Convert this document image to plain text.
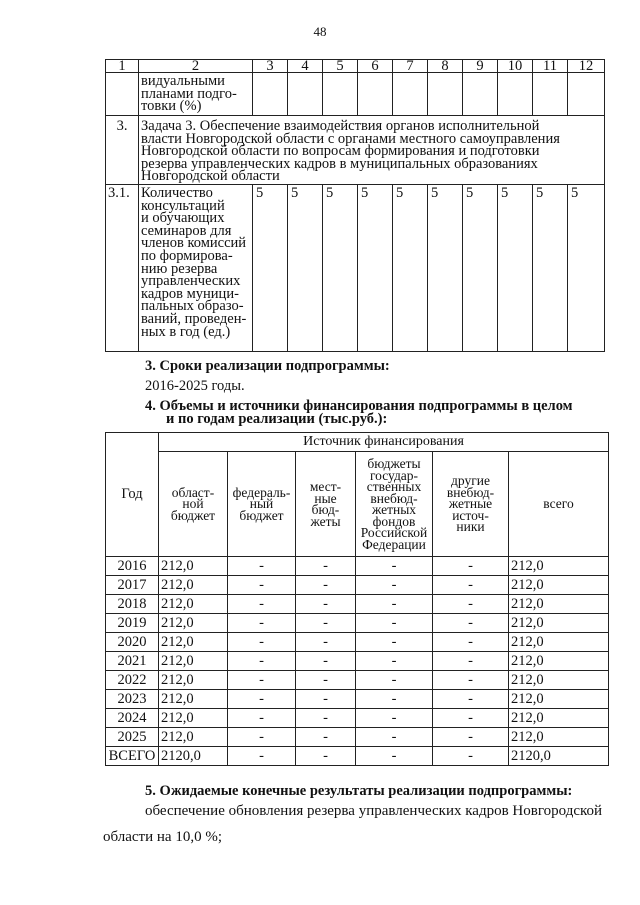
48
1	2	3	4	5	6	7	8	9	10	11	12

	видуальными
планами подго-
товки (%)										

3.	Задача 3. Обеспечение взаимодействия органов исполнительной
власти Новгородской области с органами местного самоуправления
Новгородской области по вопросам формирования и подготовки
резерва управленческих кадров в муниципальных образованиях
Новгородской области										

3.1.	Количество
консультаций
и обучающих
семинаров для
членов комиссий
по формирова-
нию резерва
управленческих
кадров муници-
пальных образо-
ваний, проведен-
ных в год (ед.)
	5	5	5	5	5	5	5	5	5	5
3. Сроки реализации подпрограммы:
2016-2025 годы.
4. Объемы и источники финансирования подпрограммы в целом
и по годам реализации (тыс.руб.):
Год	Источник финансирования					

област-
ной
бюджет

федераль-
ный
бюджет

мест-
ные
бюд-
жеты

бюджеты
государ-
ственных
внебюд-
жетных
фондов
Российской
Федерации

другие
внебюд-
жетные
источ-
ники

всего

2016	212,0	-	-	-	-	212,0
2017	212,0	-	-	-	-	212,0
2018	212,0	-	-	-	-	212,0
2019	212,0	-	-	-	-	212,0
2020	212,0	-	-	-	-	212,0
2021	212,0	-	-	-	-	212,0
2022	212,0	-	-	-	-	212,0
2023	212,0	-	-	-	-	212,0
2024	212,0	-	-	-	-	212,0
2025	212,0	-	-	-	-	212,0
ВСЕГО	2120,0	-	-	-	-	2120,0
5. Ожидаемые конечные результаты реализации подпрограммы:
обеспечение обновления резерва управленческих кадров Новгородской
области на 10,0 %;
